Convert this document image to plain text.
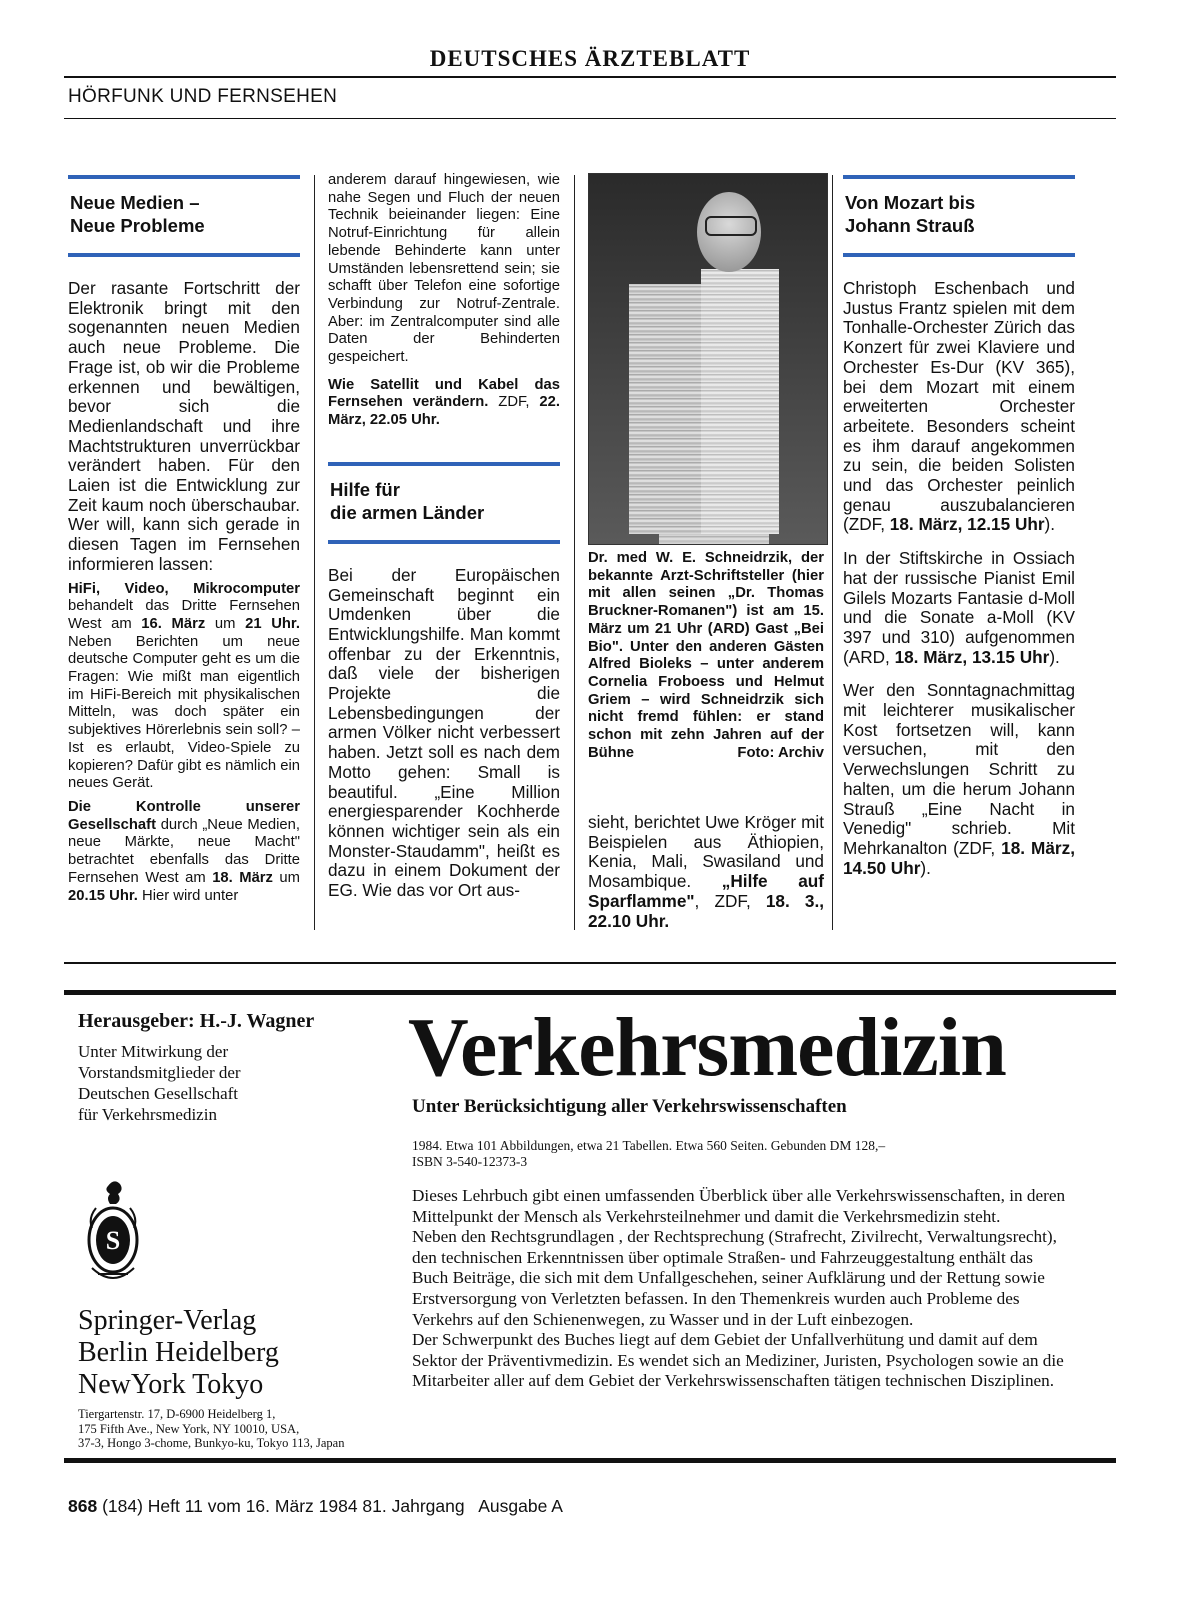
DEUTSCHES ÄRZTEBLATT
HÖRFUNK UND FERNSEHEN
Neue Medien –
Neue Probleme

Der rasante Fortschritt der Elektronik bringt mit den sogenannten neuen Medien auch neue Probleme. Die Frage ist, ob wir die Probleme erkennen und bewältigen, bevor sich die Medienlandschaft und ihre Machtstrukturen unverrückbar verändert haben. Für den Laien ist die Entwicklung zur Zeit kaum noch überschaubar. Wer will, kann sich gerade in diesen Tagen im Fernsehen informieren lassen:

HiFi, Video, Mikrocomputer behandelt das Dritte Fernsehen West am 16. März um 21 Uhr. Neben Berichten um neue deutsche Computer geht es um die Fragen: Wie mißt man eigentlich im HiFi-Bereich mit physikalischen Mitteln, was doch später ein subjektives Hörerlebnis sein soll? – Ist es erlaubt, Video-Spiele zu kopieren? Dafür gibt es nämlich ein neues Gerät.

Die Kontrolle unserer Gesellschaft durch „Neue Medien, neue Märkte, neue Macht" betrachtet ebenfalls das Dritte Fernsehen West am 18. März um 20.15 Uhr. Hier wird unter

anderem darauf hingewiesen, wie nahe Segen und Fluch der neuen Technik beieinander liegen: Eine Notruf-Einrichtung für allein lebende Behinderte kann unter Umständen lebensrettend sein; sie schafft über Telefon eine sofortige Verbindung zur Notruf-Zentrale. Aber: im Zentralcomputer sind alle Daten der Behinderten gespeichert.

Wie Satellit und Kabel das Fernsehen verändern. ZDF, 22. März, 22.05 Uhr.

Hilfe für
die armen Länder

Bei der Europäischen Gemeinschaft beginnt ein Umdenken über die Entwicklungshilfe. Man kommt offenbar zu der Erkenntnis, daß viele der bisherigen Projekte die Lebensbedingungen der armen Völker nicht verbessert haben. Jetzt soll es nach dem Motto gehen: Small is beautiful. „Eine Million energiesparender Kochherde können wichtiger sein als ein Monster-Staudamm", heißt es dazu in einem Dokument der EG. Wie das vor Ort aus-

Dr. med W. E. Schneidrzik, der bekannte Arzt-Schriftsteller (hier mit allen seinen „Dr. Thomas Bruckner-Romanen") ist am 15. März um 21 Uhr (ARD) Gast „Bei Bio". Unter den anderen Gästen Alfred Bioleks – unter anderem Cornelia Froboess und Helmut Griem – wird Schneidrzik sich nicht fremd fühlen: er stand schon mit zehn Jahren auf der Bühne	Foto: Archiv

sieht, berichtet Uwe Kröger mit Beispielen aus Äthiopien, Kenia, Mali, Swasiland und Mosambique. „Hilfe auf Sparflamme", ZDF, 18. 3., 22.10 Uhr.

Von Mozart bis
Johann Strauß

Christoph Eschenbach und Justus Frantz spielen mit dem Tonhalle-Orchester Zürich das Konzert für zwei Klaviere und Orchester Es-Dur (KV 365), bei dem Mozart mit einem erweiterten Orchester arbeitete. Besonders scheint es ihm darauf angekommen zu sein, die beiden Solisten und das Orchester peinlich genau auszubalancieren (ZDF, 18. März, 12.15 Uhr).

In der Stiftskirche in Ossiach hat der russische Pianist Emil Gilels Mozarts Fantasie d-Moll und die Sonate a-Moll (KV 397 und 310) aufgenommen (ARD, 18. März, 13.15 Uhr).

Wer den Sonntagnachmittag mit leichterer musikalischer Kost fortsetzen will, kann versuchen, mit den Verwechslungen Schritt zu halten, um die herum Johann Strauß „Eine Nacht in Venedig" schrieb. Mit Mehrkanalton (ZDF, 18. März, 14.50 Uhr).

Herausgeber: H.-J. Wagner
Unter Mitwirkung der
Vorstandsmitglieder der
Deutschen Gesellschaft
für Verkehrsmedizin
Verkehrsmedizin
Unter Berücksichtigung aller Verkehrswissenschaften
1984. Etwa 101 Abbildungen, etwa 21 Tabellen. Etwa 560 Seiten. Gebunden DM 128,–
ISBN 3-540-12373-3

Dieses Lehrbuch gibt einen umfassenden Überblick über alle Verkehrswissenschaften, in deren Mittelpunkt der Mensch als Verkehrsteilnehmer und damit die Verkehrsmedizin steht.

Neben den Rechtsgrundlagen , der Rechtsprechung (Strafrecht, Zivilrecht, Verwaltungsrecht), den technischen Erkenntnissen über optimale Straßen- und Fahrzeuggestaltung enthält das Buch Beiträge, die sich mit dem Unfallgeschehen, seiner Aufklärung und der Rettung sowie Erstversorgung von Verletzten befassen. In den Themenkreis wurden auch Probleme des Verkehrs auf den Schienenwegen, zu Wasser und in der Luft einbezogen.

Der Schwerpunkt des Buches liegt auf dem Gebiet der Unfallverhütung und damit auf dem Sektor der Präventivmedizin. Es wendet sich an Mediziner, Juristen, Psychologen sowie an die Mitarbeiter aller auf dem Gebiet der Verkehrswissenschaften tätigen technischen Disziplinen.

S
Springer-Verlag
Berlin Heidelberg
NewYork Tokyo
Tiergartenstr. 17, D-6900 Heidelberg 1,
175 Fifth Ave., New York, NY 10010, USA,
37-3, Hongo 3-chome, Bunkyo-ku, Tokyo 113, Japan
868 (184) Heft 11 vom 16. März 1984 81. Jahrgang   Ausgabe A
